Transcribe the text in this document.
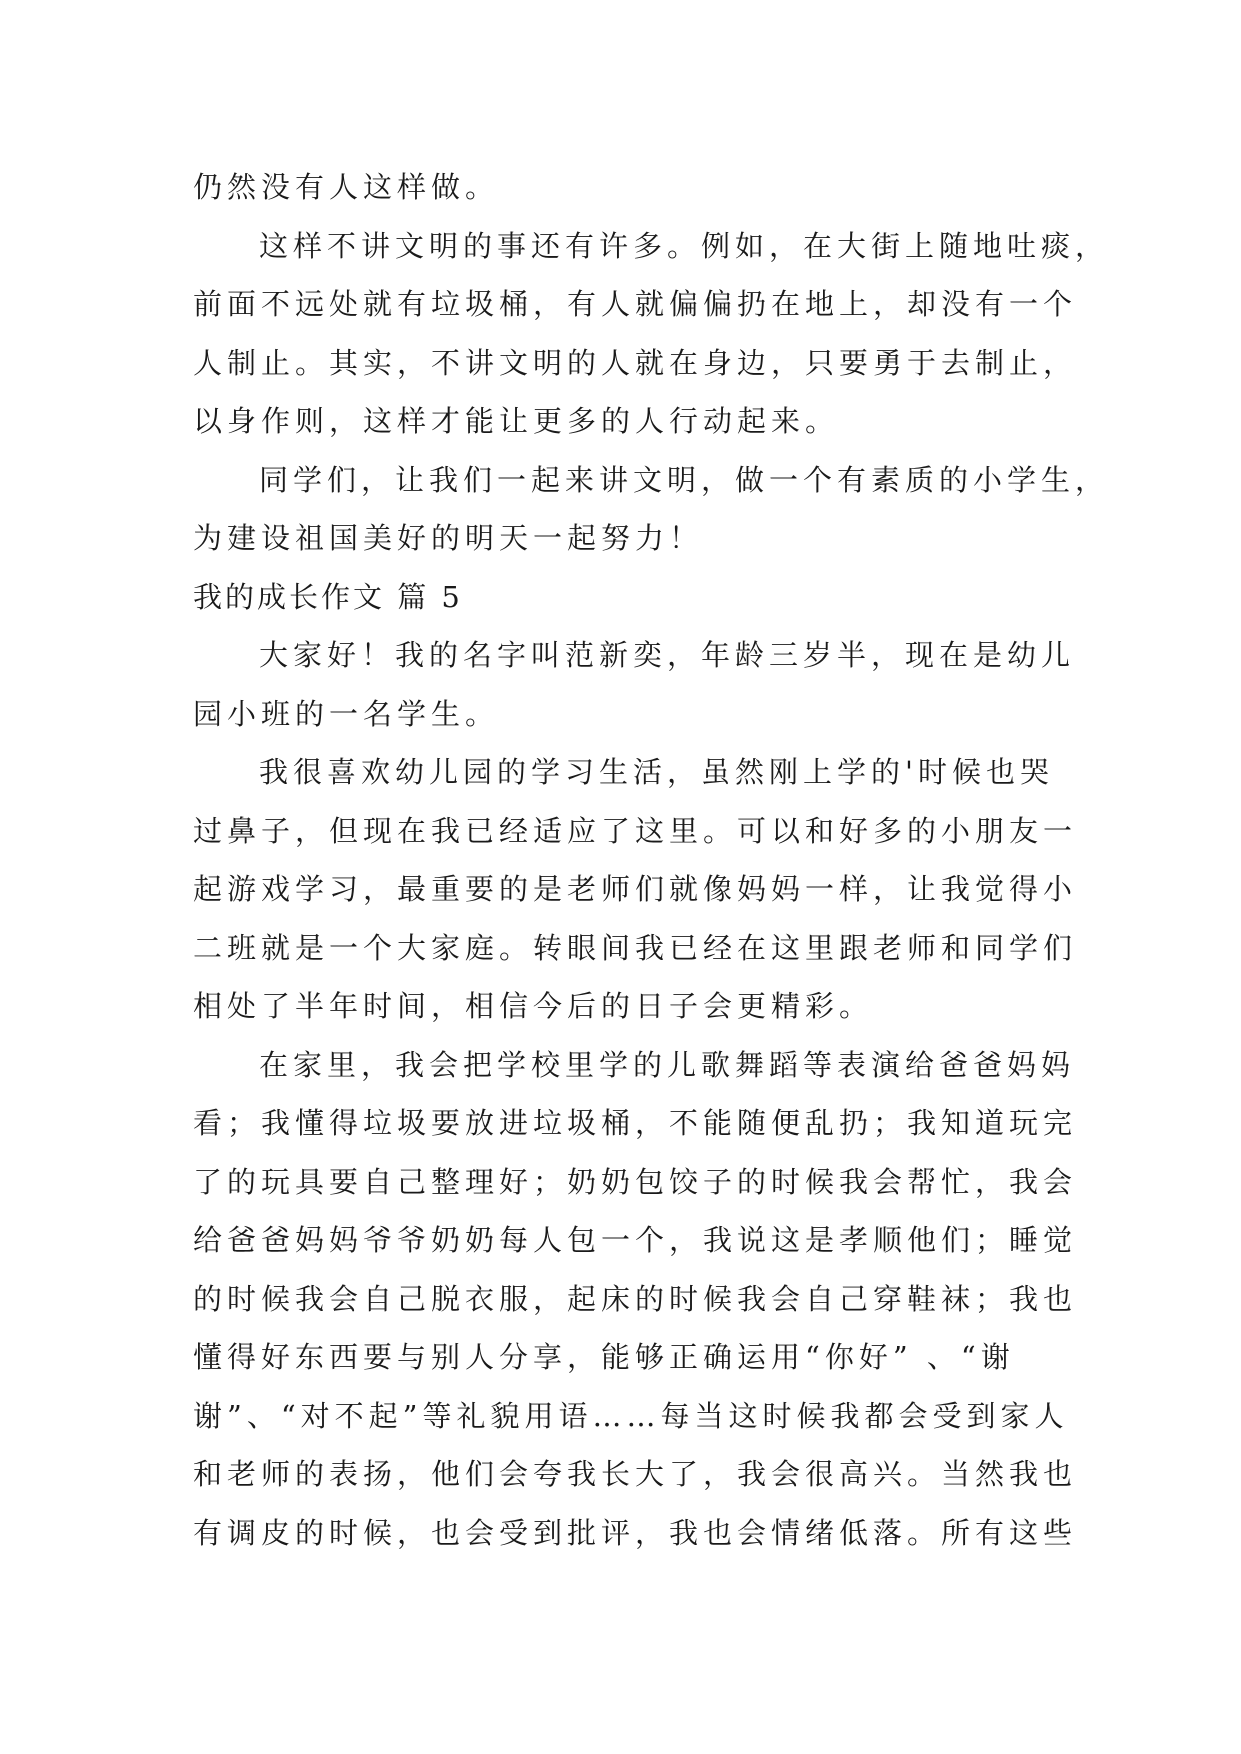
仍然没有人这样做。
这样不讲文明的事还有许多。例如，在大街上随地吐痰，
前面不远处就有垃圾桶，有人就偏偏扔在地上，却没有一个
人制止。其实，不讲文明的人就在身边，只要勇于去制止，
以身作则，这样才能让更多的人行动起来。
同学们，让我们一起来讲文明，做一个有素质的小学生，
为建设祖国美好的明天一起努力！
我的成长作文 篇 5
大家好！我的名字叫范新奕，年龄三岁半，现在是幼儿
园小班的一名学生。
我很喜欢幼儿园的学习生活，虽然刚上学的'时候也哭
过鼻子，但现在我已经适应了这里。可以和好多的小朋友一
起游戏学习，最重要的是老师们就像妈妈一样，让我觉得小
二班就是一个大家庭。转眼间我已经在这里跟老师和同学们
相处了半年时间，相信今后的日子会更精彩。
在家里，我会把学校里学的儿歌舞蹈等表演给爸爸妈妈
看；我懂得垃圾要放进垃圾桶，不能随便乱扔；我知道玩完
了的玩具要自己整理好；奶奶包饺子的时候我会帮忙，我会
给爸爸妈妈爷爷奶奶每人包一个，我说这是孝顺他们；睡觉
的时候我会自己脱衣服，起床的时候我会自己穿鞋袜；我也
懂得好东西要与别人分享，能够正确运用“你好” 、“谢
谢”、“对不起”等礼貌用语……每当这时候我都会受到家人
和老师的表扬，他们会夸我长大了，我会很高兴。当然我也
有调皮的时候，也会受到批评，我也会情绪低落。所有这些
